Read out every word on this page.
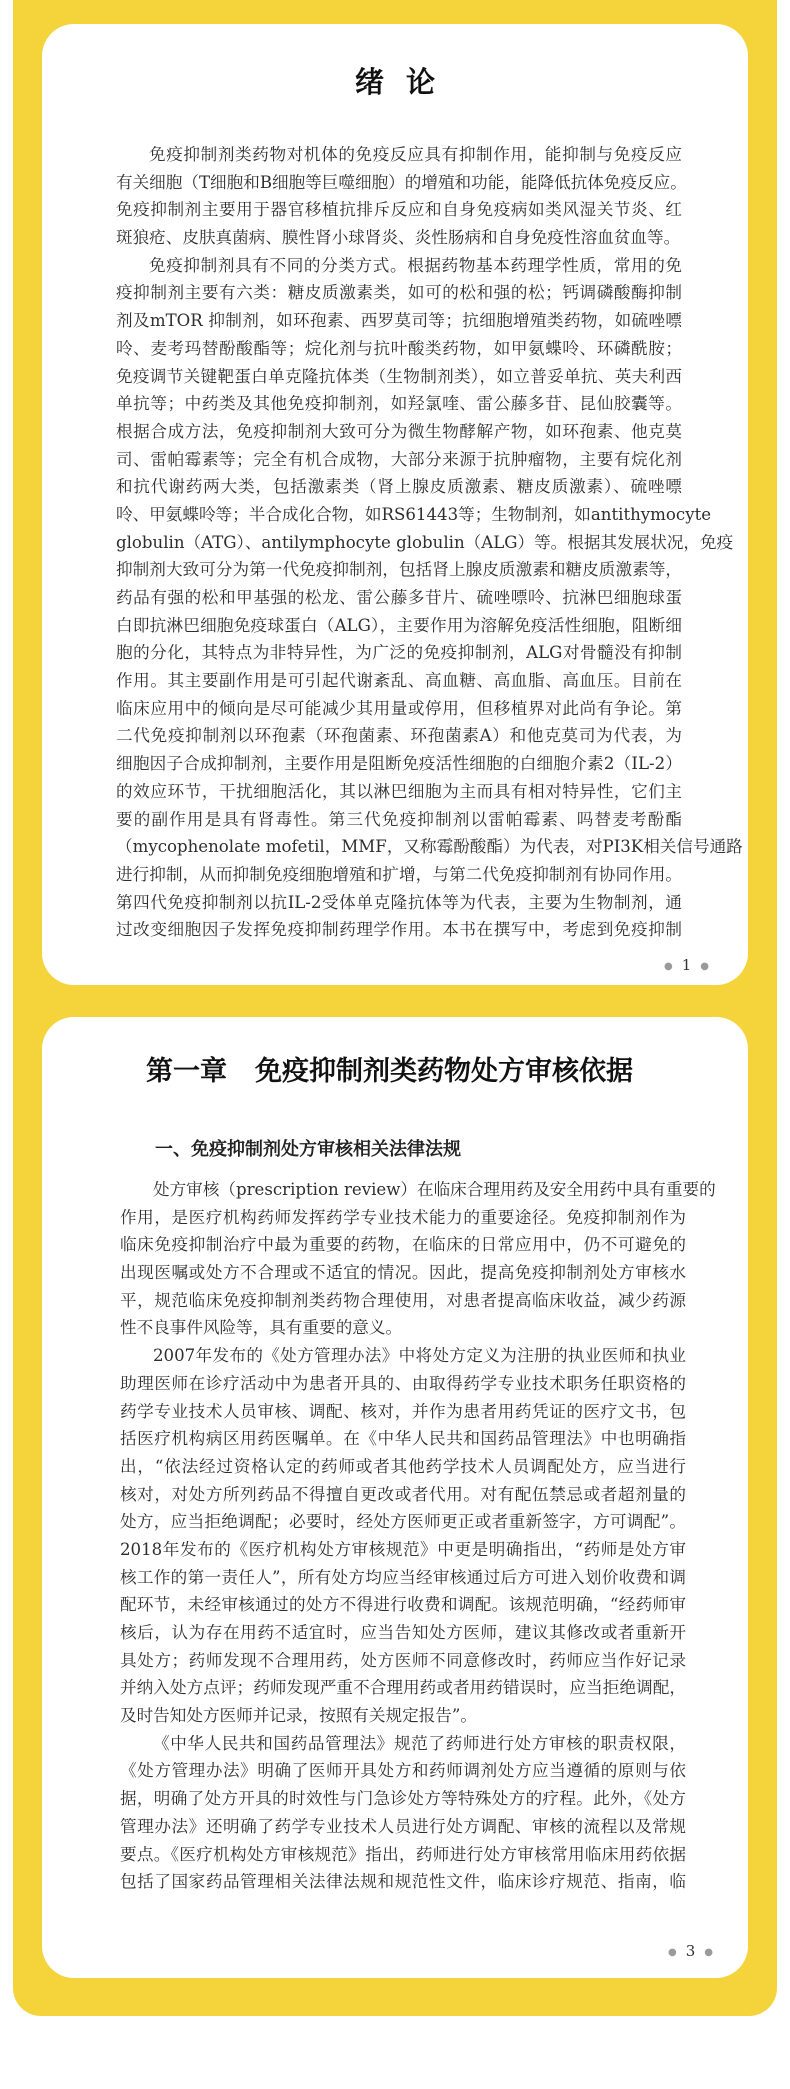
绪论
免疫抑制剂类药物对机体的免疫反应具有抑制作用，能抑制与免疫反应
有关细胞（T细胞和B细胞等巨噬细胞）的增殖和功能，能降低抗体免疫反应。
免疫抑制剂主要用于器官移植抗排斥反应和自身免疫病如类风湿关节炎、红
斑狼疮、皮肤真菌病、膜性肾小球肾炎、炎性肠病和自身免疫性溶血贫血等。
免疫抑制剂具有不同的分类方式。根据药物基本药理学性质，常用的免
疫抑制剂主要有六类：糖皮质激素类，如可的松和强的松；钙调磷酸酶抑制
剂及mTOR 抑制剂，如环孢素、西罗莫司等；抗细胞增殖类药物，如硫唑嘌
呤、麦考玛替酚酸酯等；烷化剂与抗叶酸类药物，如甲氨蝶呤、环磷酰胺；
免疫调节关键靶蛋白单克隆抗体类（生物制剂类），如立普妥单抗、英夫利西
单抗等；中药类及其他免疫抑制剂，如羟氯喹、雷公藤多苷、昆仙胶囊等。
根据合成方法，免疫抑制剂大致可分为微生物酵解产物，如环孢素、他克莫
司、雷帕霉素等；完全有机合成物，大部分来源于抗肿瘤物，主要有烷化剂
和抗代谢药两大类，包括激素类（肾上腺皮质激素、糖皮质激素）、硫唑嘌
呤、甲氨蝶呤等；半合成化合物，如RS61443等；生物制剂，如antithymocyte
globulin（ATG）、antilymphocyte globulin（ALG）等。根据其发展状况，免疫
抑制剂大致可分为第一代免疫抑制剂，包括肾上腺皮质激素和糖皮质激素等，
药品有强的松和甲基强的松龙、雷公藤多苷片、硫唑嘌呤、抗淋巴细胞球蛋
白即抗淋巴细胞免疫球蛋白（ALG），主要作用为溶解免疫活性细胞，阻断细
胞的分化，其特点为非特异性，为广泛的免疫抑制剂，ALG对骨髓没有抑制
作用。其主要副作用是可引起代谢紊乱、高血糖、高血脂、高血压。目前在
临床应用中的倾向是尽可能减少其用量或停用，但移植界对此尚有争论。第
二代免疫抑制剂以环孢素（环孢菌素、环孢菌素A）和他克莫司为代表，为
细胞因子合成抑制剂，主要作用是阻断免疫活性细胞的白细胞介素2（IL-2）
的效应环节，干扰细胞活化，其以淋巴细胞为主而具有相对特异性，它们主
要的副作用是具有肾毒性。第三代免疫抑制剂以雷帕霉素、吗替麦考酚酯
（mycophenolate mofetil，MMF，又称霉酚酸酯）为代表，对PI3K相关信号通路
进行抑制，从而抑制免疫细胞增殖和扩增，与第二代免疫抑制剂有协同作用。
第四代免疫抑制剂以抗IL-2受体单克隆抗体等为代表，主要为生物制剂，通
过改变细胞因子发挥免疫抑制药理学作用。本书在撰写中，考虑到免疫抑制
● 1 ●
第一章 免疫抑制剂类药物处方审核依据
一、免疫抑制剂处方审核相关法律法规
处方审核（prescription review）在临床合理用药及安全用药中具有重要的
作用，是医疗机构药师发挥药学专业技术能力的重要途径。免疫抑制剂作为
临床免疫抑制治疗中最为重要的药物，在临床的日常应用中，仍不可避免的
出现医嘱或处方不合理或不适宜的情况。因此，提高免疫抑制剂处方审核水
平，规范临床免疫抑制剂类药物合理使用，对患者提高临床收益，减少药源
性不良事件风险等，具有重要的意义。
2007年发布的《处方管理办法》中将处方定义为注册的执业医师和执业
助理医师在诊疗活动中为患者开具的、由取得药学专业技术职务任职资格的
药学专业技术人员审核、调配、核对，并作为患者用药凭证的医疗文书，包
括医疗机构病区用药医嘱单。在《中华人民共和国药品管理法》中也明确指
出，“依法经过资格认定的药师或者其他药学技术人员调配处方，应当进行
核对，对处方所列药品不得擅自更改或者代用。对有配伍禁忌或者超剂量的
处方，应当拒绝调配；必要时，经处方医师更正或者重新签字，方可调配”。
2018年发布的《医疗机构处方审核规范》中更是明确指出，“药师是处方审
核工作的第一责任人”，所有处方均应当经审核通过后方可进入划价收费和调
配环节，未经审核通过的处方不得进行收费和调配。该规范明确，“经药师审
核后，认为存在用药不适宜时，应当告知处方医师，建议其修改或者重新开
具处方；药师发现不合理用药，处方医师不同意修改时，药师应当作好记录
并纳入处方点评；药师发现严重不合理用药或者用药错误时，应当拒绝调配，
及时告知处方医师并记录，按照有关规定报告”。
《中华人民共和国药品管理法》规范了药师进行处方审核的职责权限，
《处方管理办法》明确了医师开具处方和药师调剂处方应当遵循的原则与依
据，明确了处方开具的时效性与门急诊处方等特殊处方的疗程。此外，《处方
管理办法》还明确了药学专业技术人员进行处方调配、审核的流程以及常规
要点。《医疗机构处方审核规范》指出，药师进行处方审核常用临床用药依据
包括了国家药品管理相关法律法规和规范性文件，临床诊疗规范、指南，临
● 3 ●
